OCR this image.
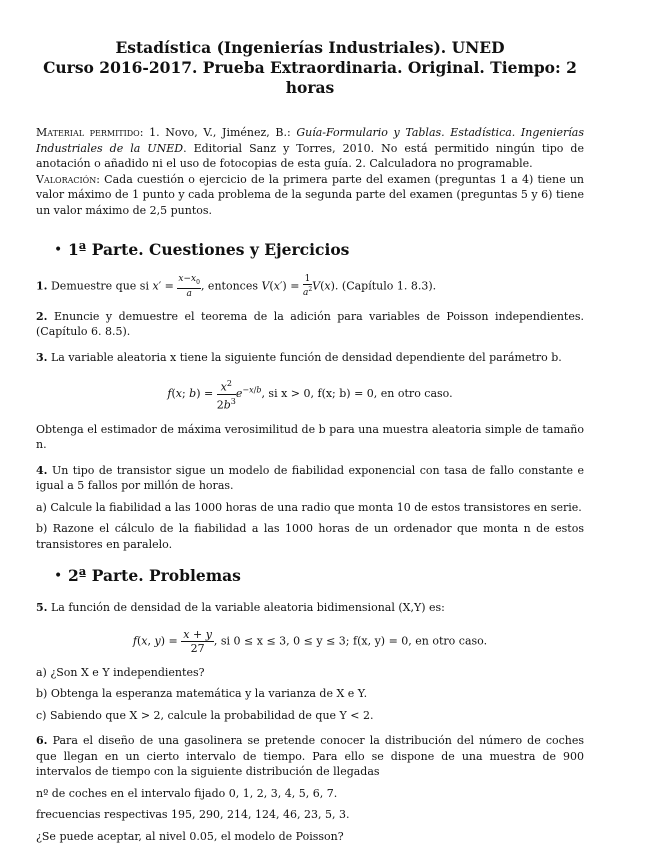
Estadística (Ingenierías Industriales). UNED
Curso 2016-2017. Prueba Extraordinaria. Original. Tiempo: 2 horas
Material permitido: 1. Novo, V., Jiménez, B.: Guía-Formulario y Tablas. Estadística. Ingenierías Industriales de la UNED. Editorial Sanz y Torres, 2010. No está permitido ningún tipo de anotación o añadido ni el uso de fotocopias de esta guía. 2. Calculadora no programable.
Valoración: Cada cuestión o ejercicio de la primera parte del examen (preguntas 1 a 4) tiene un valor máximo de 1 punto y cada problema de la segunda parte del examen (preguntas 5 y 6) tiene un valor máximo de 2,5 puntos.
• 1ª Parte. Cuestiones y Ejercicios
1. Demuestre que si $x' = \frac{x-x_0}{a}$ , entonces $V(x') = \frac{1}{a^2} V(x)$. (Capítulo 1. 8.3).
2. Enuncie y demuestre el teorema de la adición para variables de Poisson independientes. (Capítulo 6. 8.5).
3. La variable aleatoria x tiene la siguiente función de densidad dependiente del parámetro b.
f(x; $b) = \frac{x^2}{2b^3} e^{-x/b}$, si x > 0, f(x; b) = 0, en otro caso.
Obtenga el estimador de máxima verosimilitud de b para una muestra aleatoria simple de tamaño n.
4. Un tipo de transistor sigue un modelo de fiabilidad exponencial con tasa de fallo constante e igual a 5 fallos por millón de horas.
a) Calcule la fiabilidad a las 1000 horas de una radio que monta 10 de estos transistores en serie.
b) Razone el cálculo de la fiabilidad a las 1000 horas de un ordenador que monta n de estos transistores en paralelo.
• 2ª Parte. Problemas
5. La función de densidad de la variable aleatoria bidimensional (X,Y) es:
f(x, $y) = \frac{x + y}{27}$ , si 0 ≤ x ≤ 3, 0 ≤ y ≤ 3; f(x, y) = 0, en otro caso.
a) ¿Son X e Y independientes?
b) Obtenga la esperanza matemática y la varianza de X e Y.
c) Sabiendo que X > 2, calcule la probabilidad de que Y < 2.
6. Para el diseño de una gasolinera se pretende conocer la distribución del número de coches que llegan en un cierto intervalo de tiempo. Para ello se dispone de una muestra de 900 intervalos de tiempo con la siguiente distribución de llegadas
nº de coches en el intervalo fijado 0, 1, 2, 3, 4, 5, 6, 7.
frecuencias respectivas 195, 290, 214, 124, 46, 23, 5, 3.
¿Se puede aceptar, al nivel 0.05, el modelo de Poisson?
